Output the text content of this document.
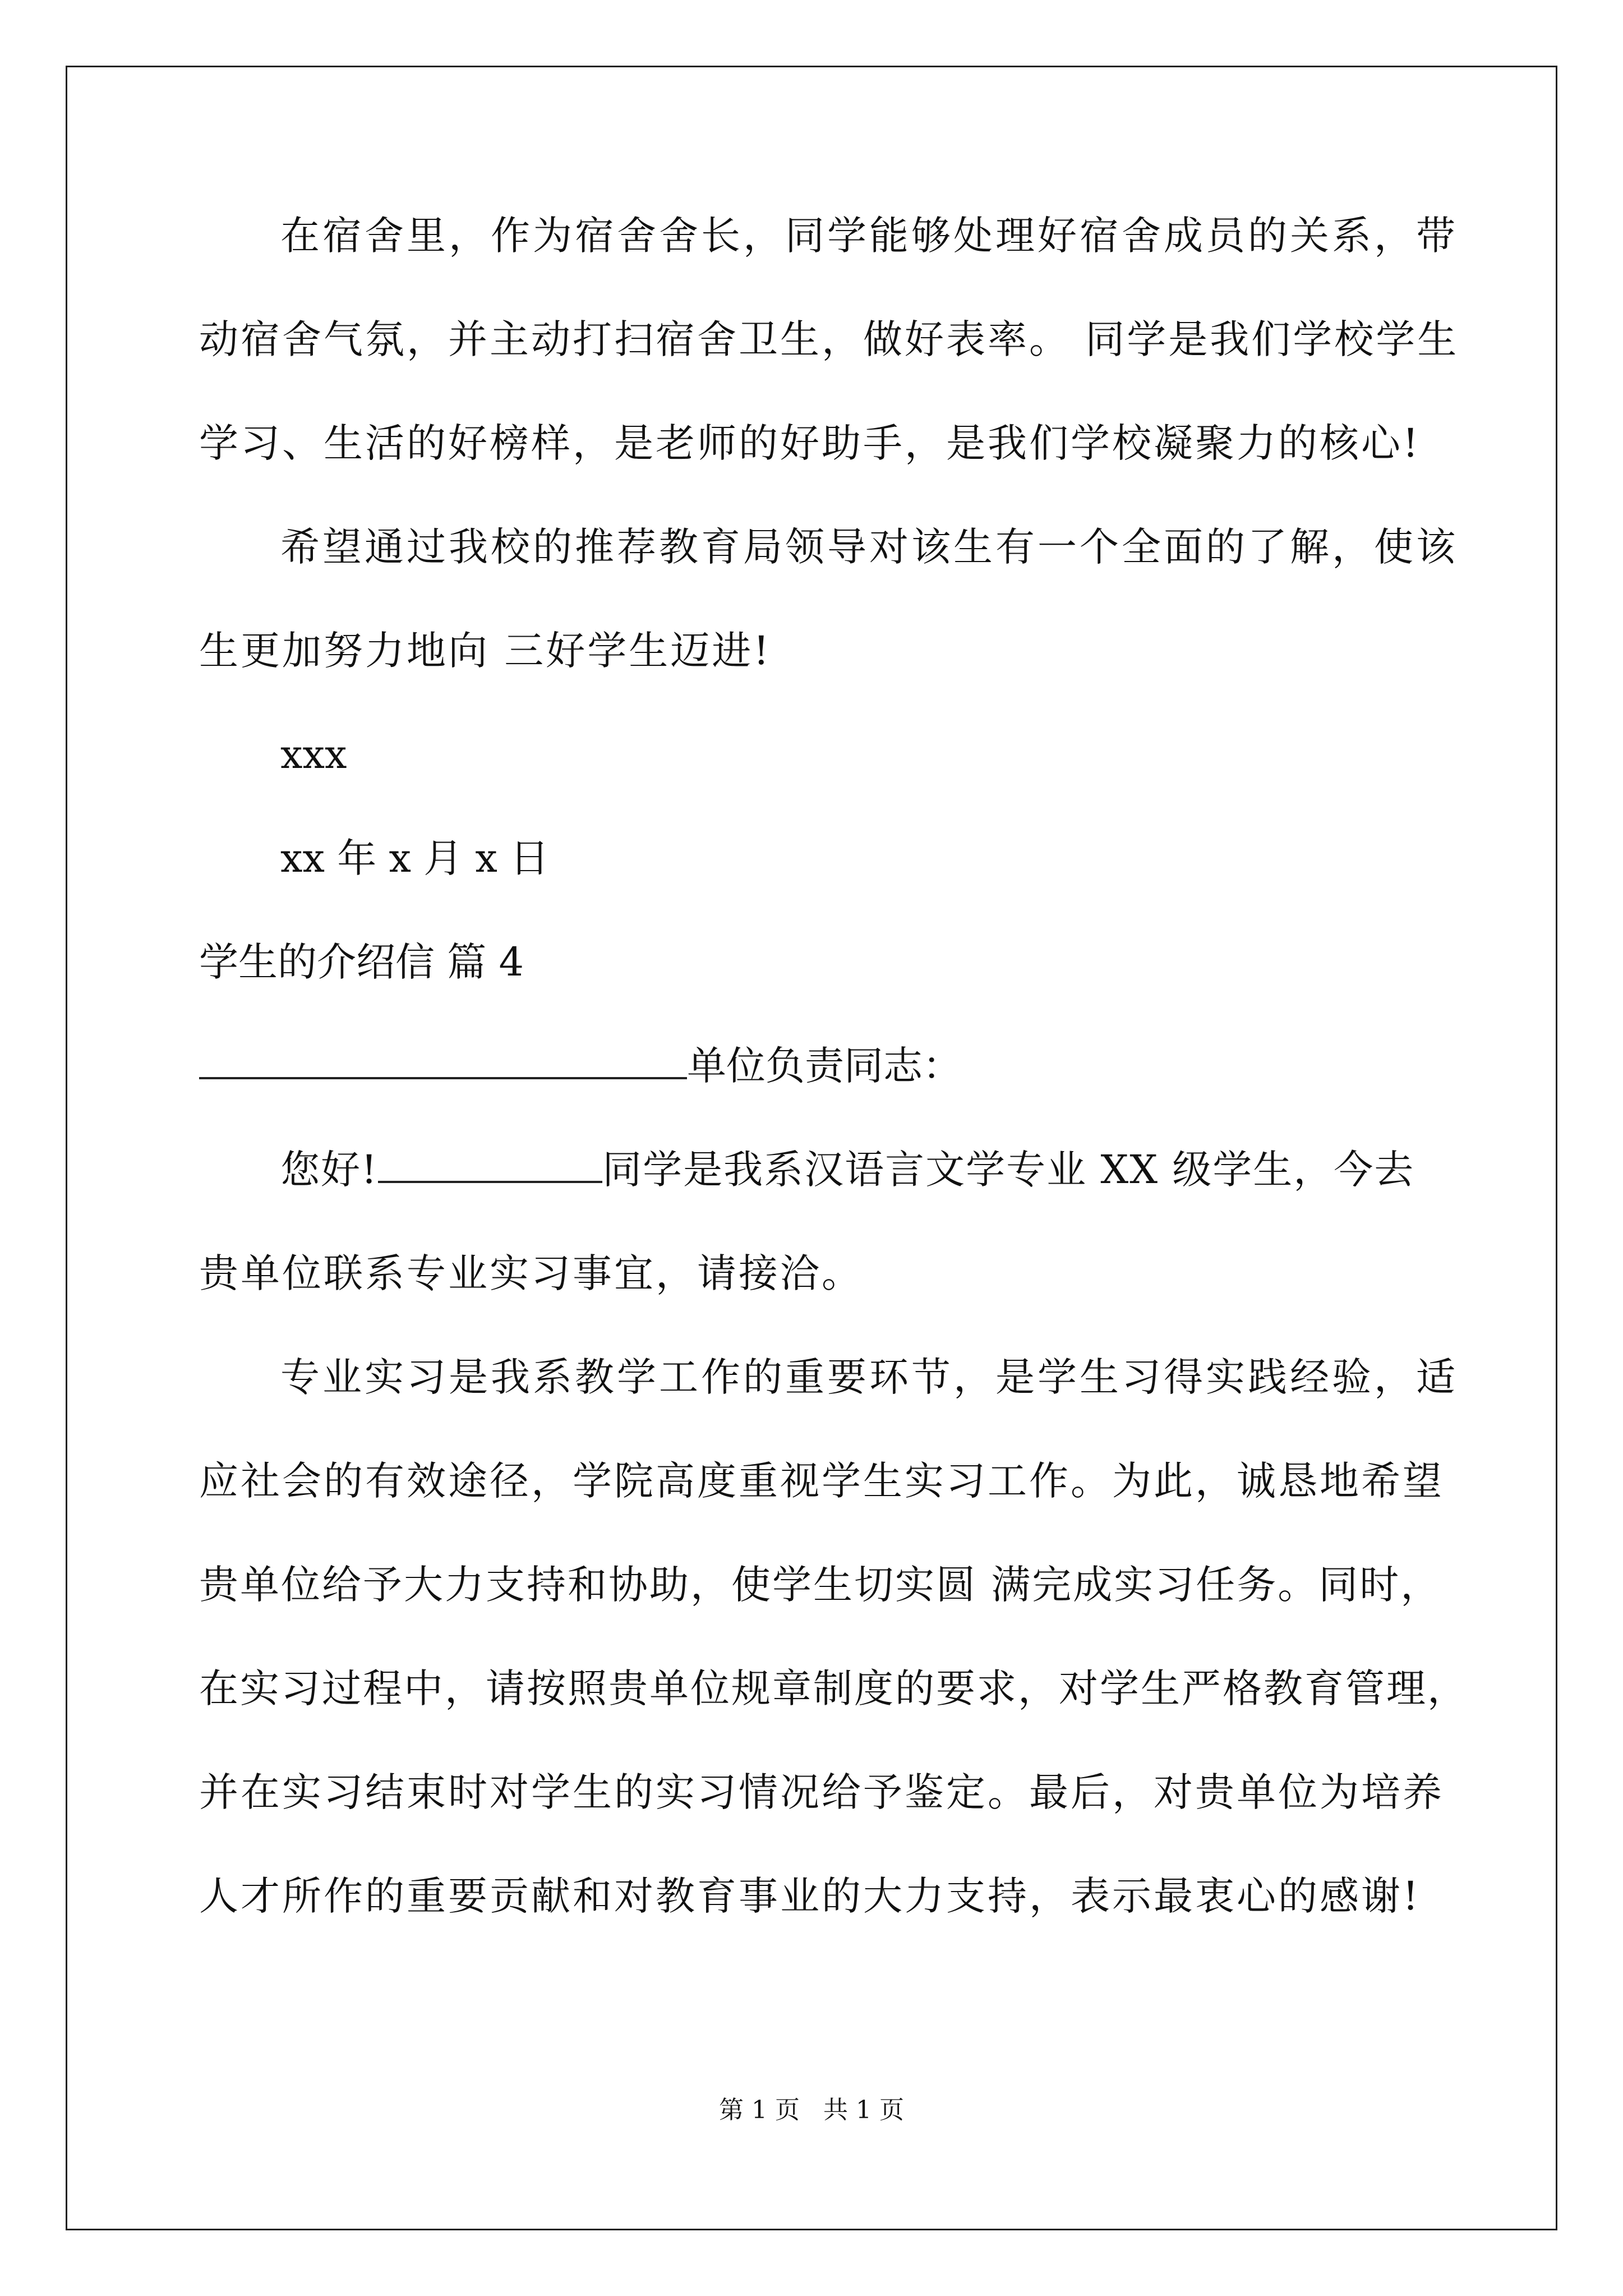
在宿舍里，作为宿舍舍长，同学能够处理好宿舍成员的关系，带
动宿舍气氛，并主动打扫宿舍卫生，做好表率。 同学是我们学校学生
学习、生活的好榜样，是老师的好助手，是我们学校凝聚力的核心!
希望通过我校的推荐教育局领导对该生有一个全面的了解，使该
生更加努力地向 三好学生迈进!
xxx
xx 年 x 月 x 日
学生的介绍信 篇 4
单位负责同志：
您好!	同学是我系汉语言文学专业 XX 级学生，今去
贵单位联系专业实习事宜，请接洽。
专业实习是我系教学工作的重要环节，是学生习得实践经验，适
应社会的有效途径，学院高度重视学生实习工作。为此，诚恳地希望
贵单位给予大力支持和协助，使学生切实圆 满完成实习任务。同时，
在实习过程中，请按照贵单位规章制度的要求，对学生严格教育管理，
并在实习结束时对学生的实习情况给予鉴定。最后，对贵单位为培养
人才所作的重要贡献和对教育事业的大力支持，表示最衷心的感谢!
第 1 页 共 1 页
